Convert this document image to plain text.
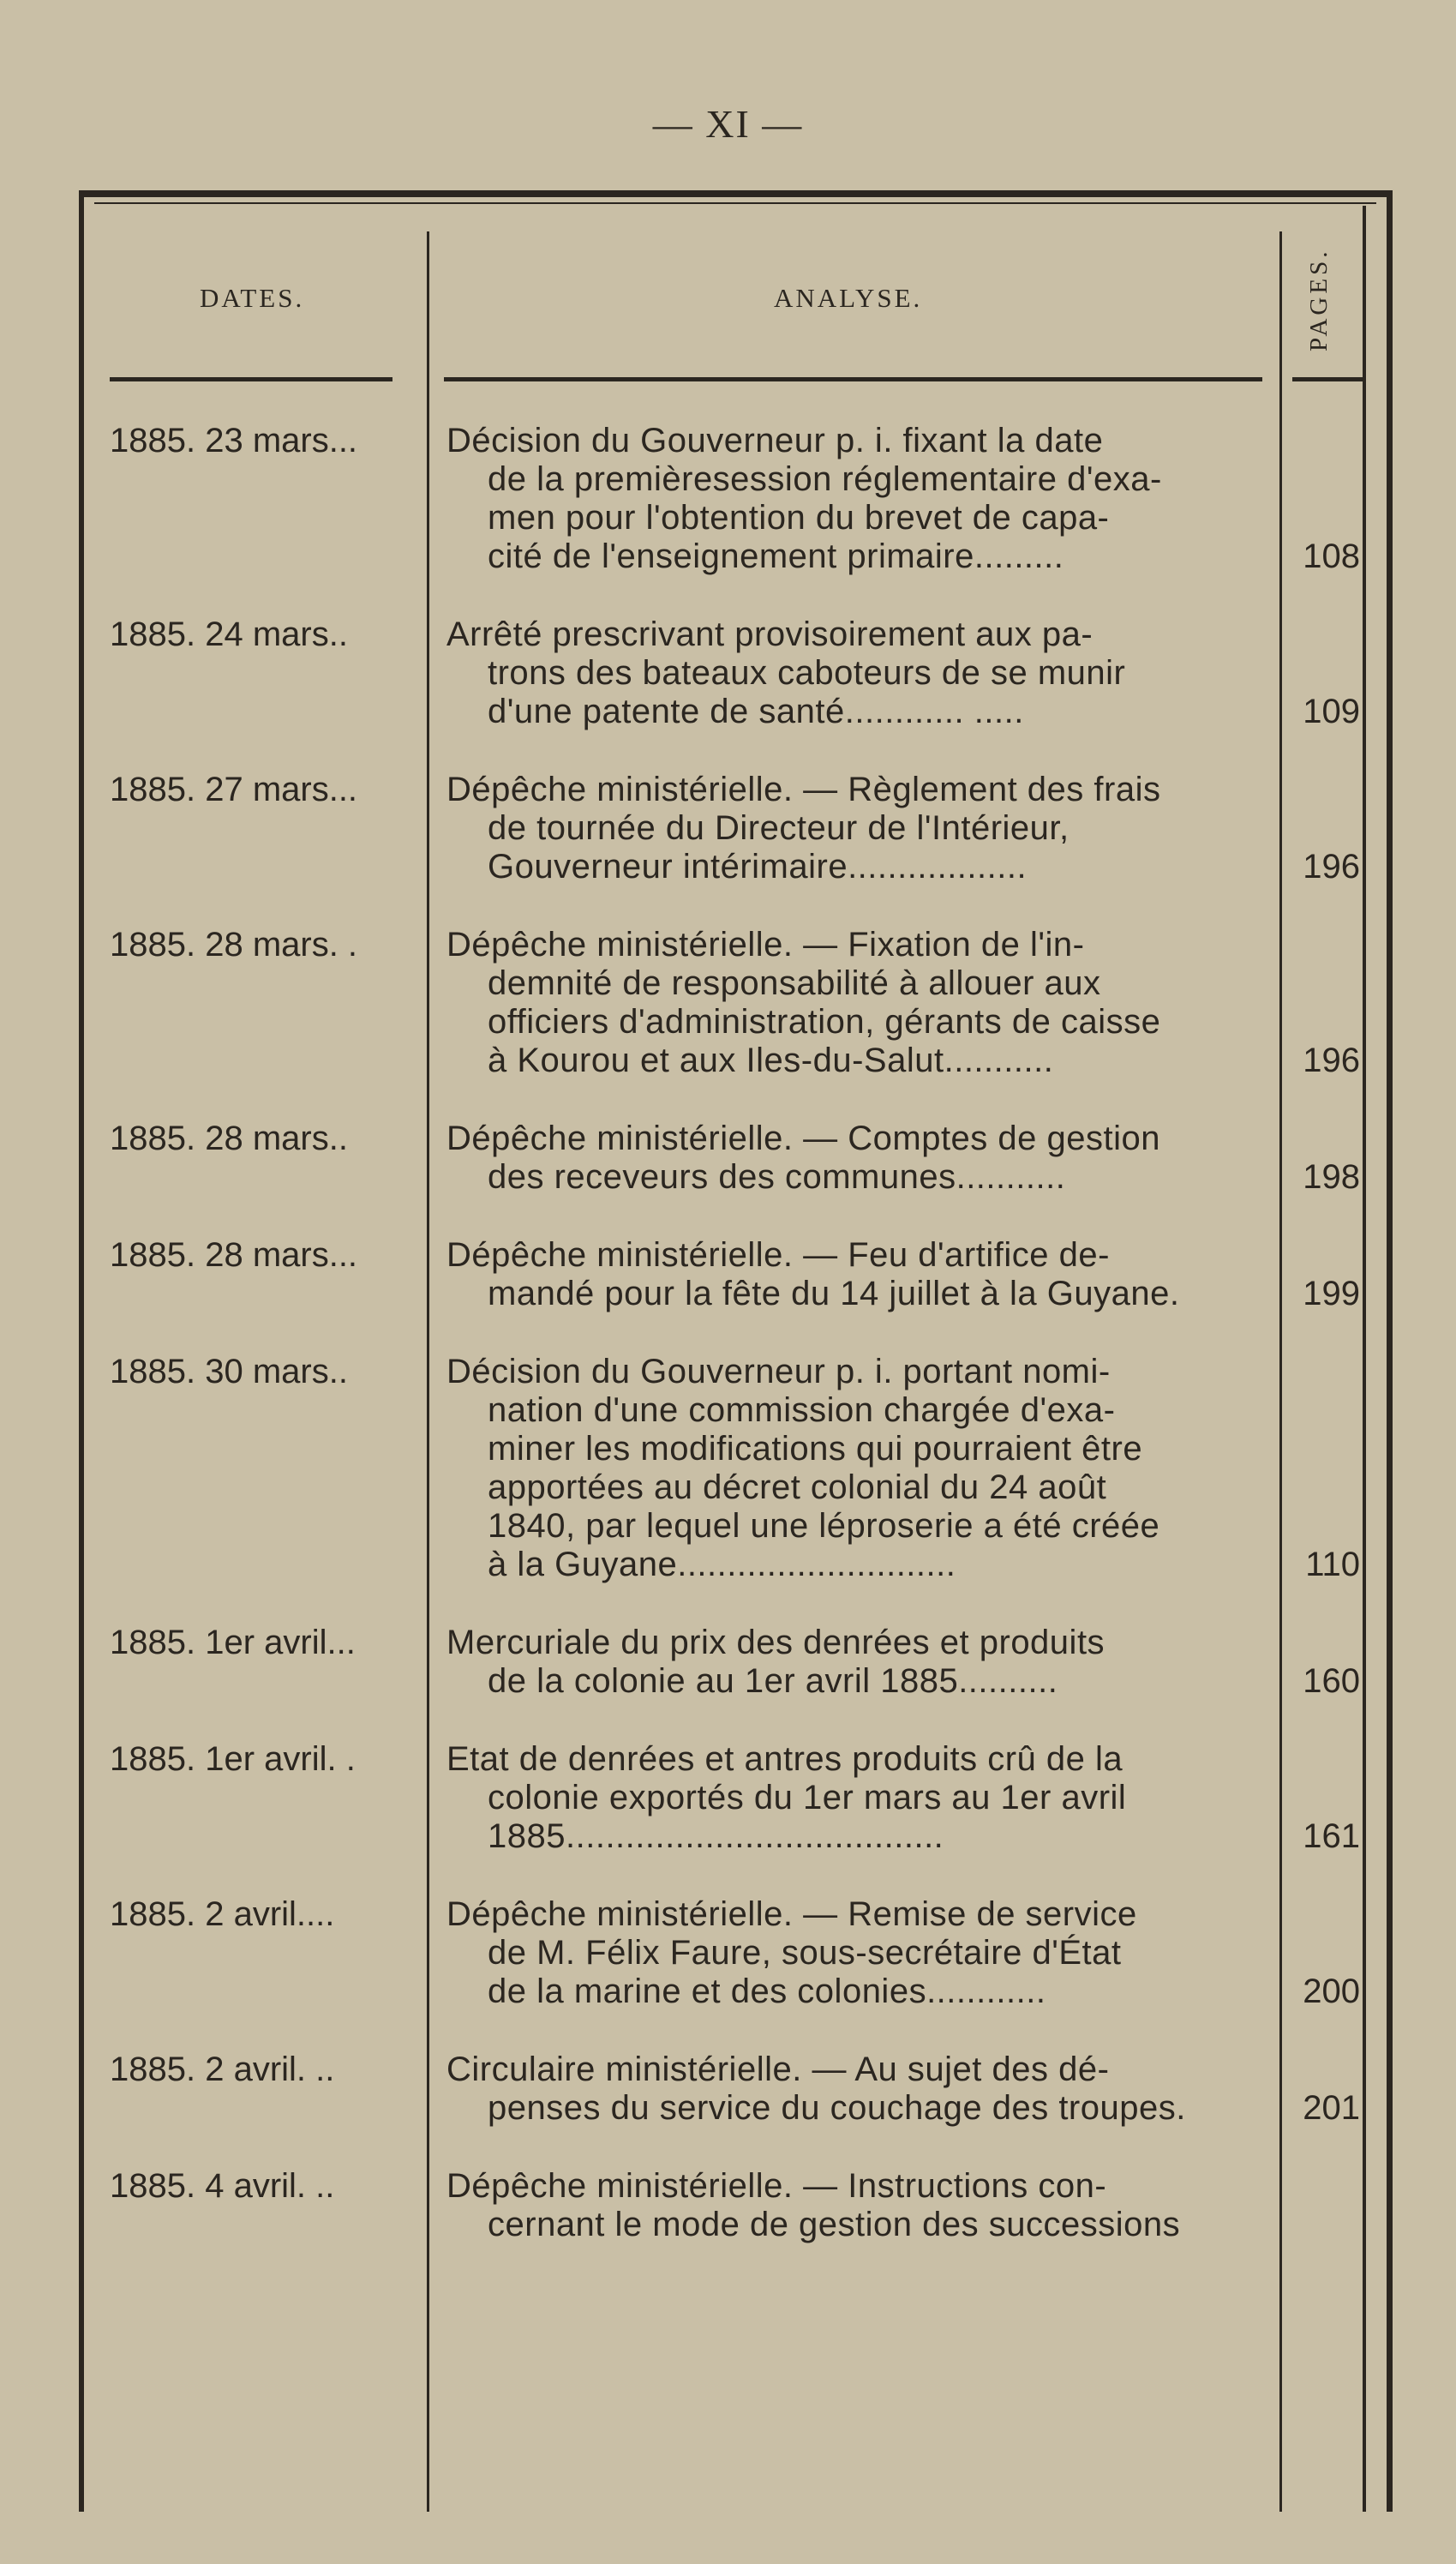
— XI —
DATES.	ANALYSE.	PAGES.
1885. 23 mars...	Décision du Gouverneur p. i. fixant la date
de la premièresession réglementaire d'exa-
men pour l'obtention du brevet de capa-
cité de l'enseignement primaire.........	108
1885. 24 mars..	Arrêté prescrivant provisoirement aux pa-
trons des bateaux caboteurs de se munir
d'une patente de santé............ .....	109
1885. 27 mars...	Dépêche ministérielle. — Règlement des frais
de tournée du Directeur de l'Intérieur,
Gouverneur intérimaire..................	196
1885. 28 mars. .	Dépêche ministérielle. — Fixation de l'in-
demnité de responsabilité à allouer aux
officiers d'administration, gérants de caisse
à Kourou et aux Iles-du-Salut...........	196
1885. 28 mars..	Dépêche ministérielle. — Comptes de gestion
des receveurs des communes...........	198
1885. 28 mars...	Dépêche ministérielle. — Feu d'artifice de-
mandé pour la fête du 14 juillet à la Guyane.	199
1885. 30 mars..	Décision du Gouverneur p. i. portant nomi-
nation d'une commission chargée d'exa-
miner les modifications qui pourraient être
apportées au décret colonial du 24 août
1840, par lequel une léproserie a été créée
à la Guyane............................	110
1885. 1er avril...	Mercuriale du prix des denrées et produits
de la colonie au 1er avril 1885..........	160
1885. 1er avril. .	Etat de denrées et antres produits crû de la
colonie exportés du 1er mars au 1er avril
1885......................................	161
1885. 2 avril....	Dépêche ministérielle. — Remise de service
de M. Félix Faure, sous-secrétaire d'État
de la marine et des colonies............	200
1885. 2 avril. ..	Circulaire ministérielle. — Au sujet des dé-
penses du service du couchage des troupes.	201
1885. 4 avril. ..	Dépêche ministérielle. — Instructions con-
cernant le mode de gestion des successions
